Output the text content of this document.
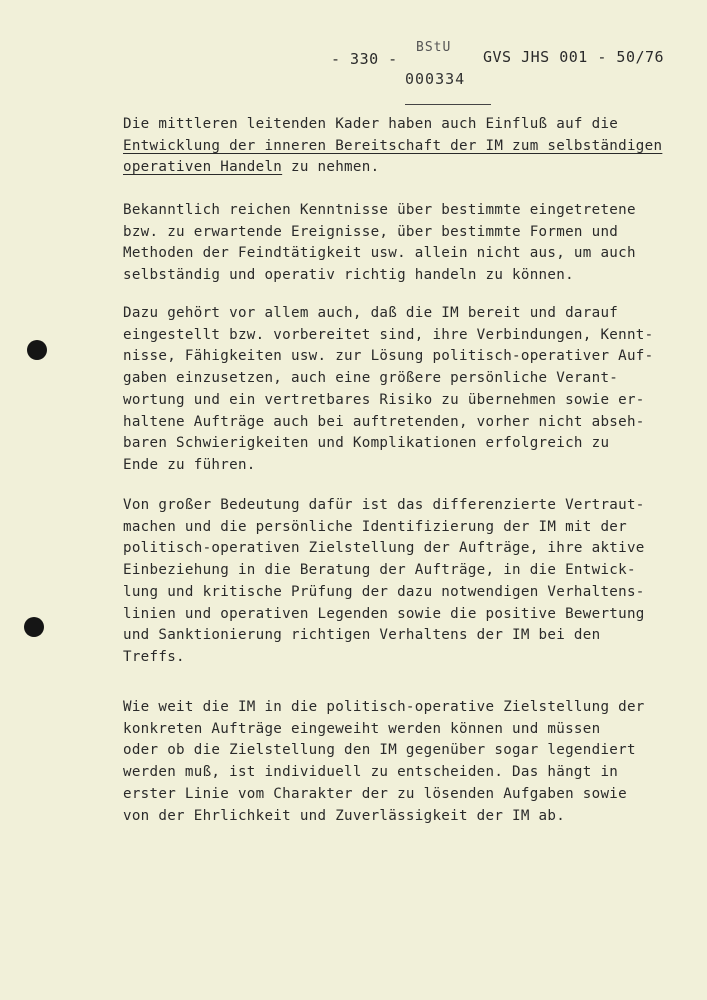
- 330 -
BStU
000334
GVS JHS 001 - 50/76
Die mittleren leitenden Kader haben auch Einfluß auf die
Entwicklung der inneren Bereitschaft der IM zum selbständigen
operativen Handeln zu nehmen.
Bekanntlich reichen Kenntnisse über bestimmte eingetretene
bzw. zu erwartende Ereignisse, über bestimmte Formen und
Methoden der Feindtätigkeit usw. allein nicht aus, um auch
selbständig und operativ richtig handeln zu können.
Dazu gehört vor allem auch, daß die IM bereit und darauf
eingestellt bzw. vorbereitet sind, ihre Verbindungen, Kennt-
nisse, Fähigkeiten usw. zur Lösung politisch-operativer Auf-
gaben einzusetzen, auch eine größere persönliche Verant-
wortung und ein vertretbares Risiko zu übernehmen sowie er-
haltene Aufträge auch bei auftretenden, vorher nicht abseh-
baren Schwierigkeiten und Komplikationen erfolgreich zu
Ende zu führen.
Von großer Bedeutung dafür ist das differenzierte Vertraut-
machen und die persönliche Identifizierung der IM mit der
politisch-operativen Zielstellung der Aufträge, ihre aktive
Einbeziehung in die Beratung der Aufträge, in die Entwick-
lung und kritische Prüfung der dazu notwendigen Verhaltens-
linien und operativen Legenden sowie die positive Bewertung
und Sanktionierung richtigen Verhaltens der IM bei den
Treffs.
Wie weit die IM in die politisch-operative Zielstellung der
konkreten Aufträge eingeweiht werden können und müssen
oder ob die Zielstellung den IM gegenüber sogar legendiert
werden muß, ist individuell zu entscheiden. Das hängt in
erster Linie vom Charakter der zu lösenden Aufgaben sowie
von der Ehrlichkeit und Zuverlässigkeit der IM ab.
